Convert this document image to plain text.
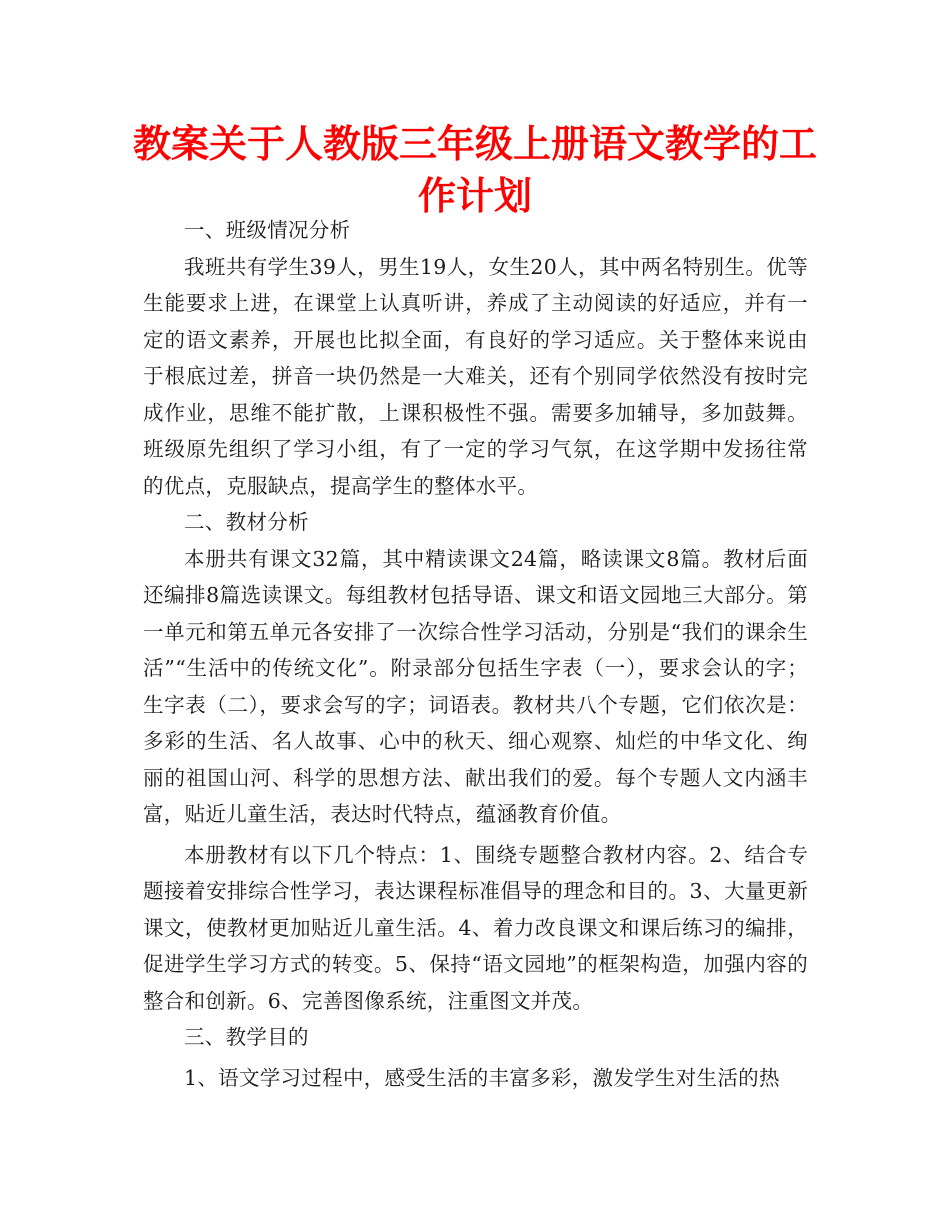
教案关于人教版三年级上册语文教学的工作计划

一、班级情况分析

我班共有学生39人，男生19人，女生20人，其中两名特别生。优等生能要求上进，在课堂上认真听讲，养成了主动阅读的好适应，并有一定的语文素养，开展也比拟全面，有良好的学习适应。关于整体来说由于根底过差，拼音一块仍然是一大难关，还有个别同学依然没有按时完成作业，思维不能扩散，上课积极性不强。需要多加辅导，多加鼓舞。班级原先组织了学习小组，有了一定的学习气氛，在这学期中发扬往常的优点，克服缺点，提高学生的整体水平。

二、教材分析

本册共有课文32篇，其中精读课文24篇，略读课文8篇。教材后面还编排8篇选读课文。每组教材包括导语、课文和语文园地三大部分。第一单元和第五单元各安排了一次综合性学习活动，分别是“我们的课余生活”“生活中的传统文化”。附录部分包括生字表（一），要求会认的字；生字表（二），要求会写的字；词语表。教材共八个专题，它们依次是：多彩的生活、名人故事、心中的秋天、细心观察、灿烂的中华文化、绚丽的祖国山河、科学的思想方法、献出我们的爱。每个专题人文内涵丰富，贴近儿童生活，表达时代特点，蕴涵教育价值。

本册教材有以下几个特点：1、围绕专题整合教材内容。2、结合专题接着安排综合性学习，表达课程标准倡导的理念和目的。3、大量更新课文，使教材更加贴近儿童生活。4、着力改良课文和课后练习的编排，促进学生学习方式的转变。5、保持“语文园地”的框架构造，加强内容的整合和创新。6、完善图像系统，注重图文并茂。

三、教学目的

1、语文学习过程中，感受生活的丰富多彩，激发学生对生活的热
